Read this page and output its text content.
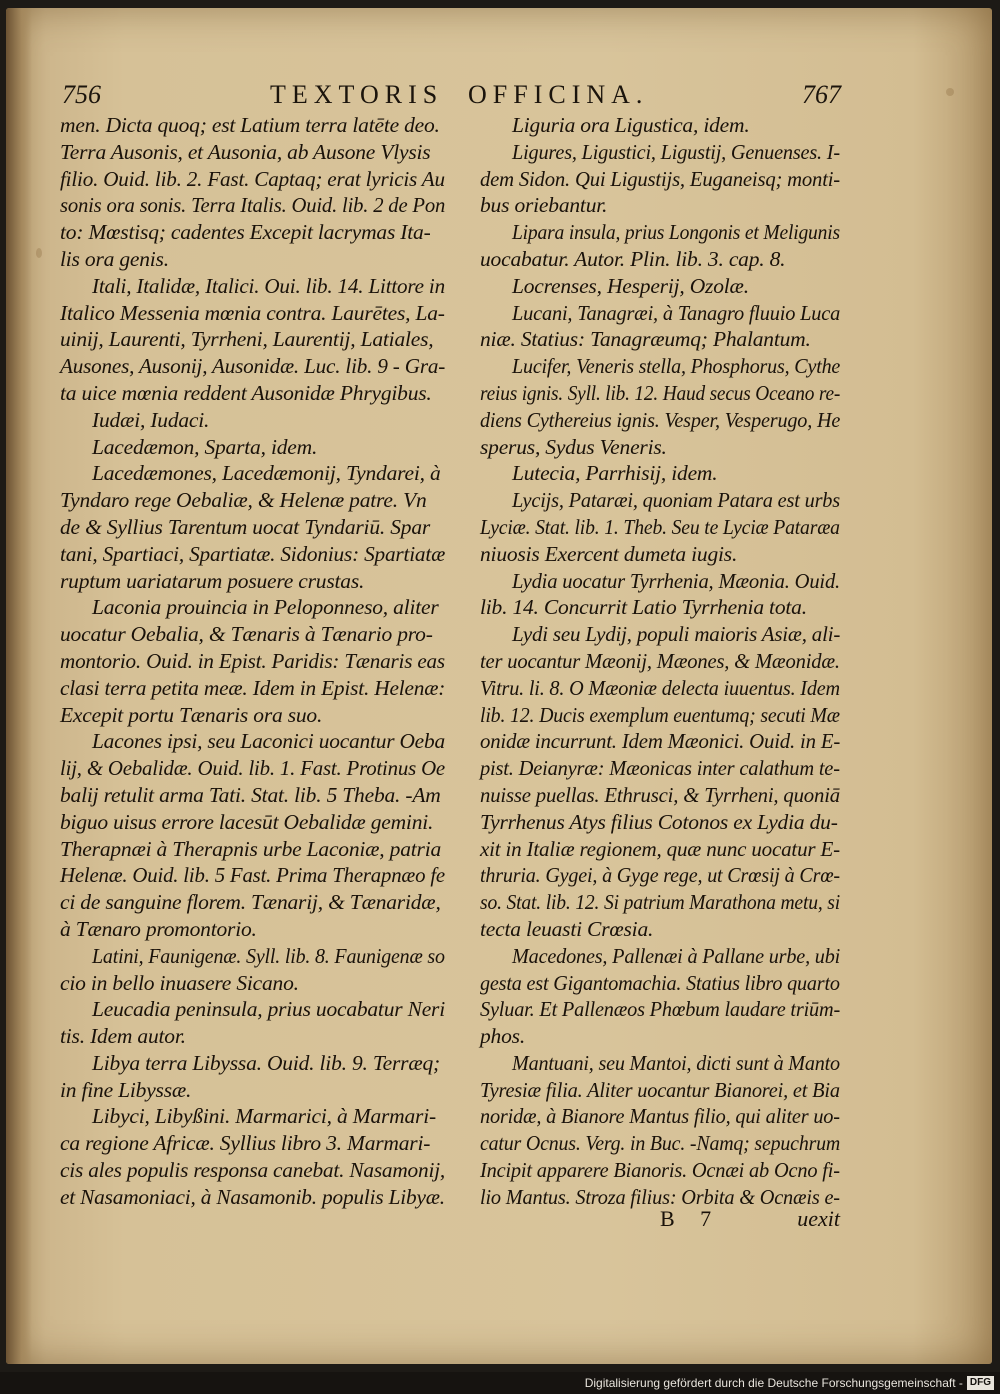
756	TEXTORIS OFFICINA.	767
men. Dicta quoq; est Latium terra latēte deo.
Terra Ausonis, et Ausonia, ab Ausone Vlysis
filio. Ouid. lib. 2. Fast. Captaq; erat lyricis Au
sonis ora sonis. Terra Italis. Ouid. lib. 2 de Pon
to: Mœstisq; cadentes Excepit lacrymas Ita-
lis ora genis.
Itali, Italidæ, Italici. Oui. lib. 14. Littore in
Italico Messenia mœnia contra. Laurētes, La-
uinij, Laurenti, Tyrrheni, Laurentij, Latiales,
Ausones, Ausonij, Ausonidæ. Luc. lib. 9 - Gra-
ta uice mœnia reddent Ausonidæ Phrygibus.
Iudæi, Iudaci.
Lacedæmon, Sparta, idem.
Lacedæmones, Lacedæmonij, Tyndarei, à
Tyndaro rege Oebaliæ, & Helenæ patre. Vn
de & Syllius Tarentum uocat Tyndariū. Spar
tani, Spartiaci, Spartiatæ. Sidonius: Spartiatæ
ruptum uariatarum posuere crustas.
Laconia prouincia in Peloponneso, aliter
uocatur Oebalia, & Tænaris à Tænario pro-
montorio. Ouid. in Epist. Paridis: Tænaris eas
clasi terra petita meæ. Idem in Epist. Helenæ:
Excepit portu Tænaris ora suo.
Lacones ipsi, seu Laconici uocantur Oeba
lij, & Oebalidæ. Ouid. lib. 1. Fast. Protinus Oe
balij retulit arma Tati. Stat. lib. 5 Theba. -Am
biguo uisus errore lacesūt Oebalidæ gemini.
Therapnæi à Therapnis urbe Laconiæ, patria
Helenæ. Ouid. lib. 5 Fast. Prima Therapnæo fe
ci de sanguine florem. Tænarij, & Tænaridæ,
à Tænaro promontorio.
Latini, Faunigenæ. Syll. lib. 8. Faunigenæ so
cio in bello inuasere Sicano.
Leucadia peninsula, prius uocabatur Neri
tis. Idem autor.
Libya terra Libyssa. Ouid. lib. 9. Terræq;
in fine Libyssæ.
Libyci, Libyßini. Marmarici, à Marmari-
ca regione Africæ. Syllius libro 3. Marmari-
cis ales populis responsa canebat. Nasamonij,
et Nasamoniaci, à Nasamonib. populis Libyæ.
Liguria ora Ligustica, idem.
Ligures, Ligustici, Ligustij, Genuenses. I-
dem Sidon. Qui Ligustijs, Euganeisq; monti-
bus oriebantur.
Lipara insula, prius Longonis et Meligunis
uocabatur. Autor. Plin. lib. 3. cap. 8.
Locrenses, Hesperij, Ozolæ.
Lucani, Tanagræi, à Tanagro fluuio Luca
niæ. Statius: Tanagræumq; Phalantum.
Lucifer, Veneris stella, Phosphorus, Cythe
reius ignis. Syll. lib. 12. Haud secus Oceano re-
diens Cythereius ignis. Vesper, Vesperugo, He
sperus, Sydus Veneris.
Lutecia, Parrhisij, idem.
Lycijs, Pataræi, quoniam Patara est urbs
Lyciæ. Stat. lib. 1. Theb. Seu te Lyciæ Pataræa
niuosis Exercent dumeta iugis.
Lydia uocatur Tyrrhenia, Mæonia. Ouid.
lib. 14. Concurrit Latio Tyrrhenia tota.
Lydi seu Lydij, populi maioris Asiæ, ali-
ter uocantur Mæonij, Mæones, & Mæonidæ.
Vitru. li. 8. O Mæoniæ delecta iuuentus. Idem
lib. 12. Ducis exemplum euentumq; secuti Mæ
onidæ incurrunt. Idem Mæonici. Ouid. in E-
pist. Deianyræ: Mæonicas inter calathum te-
nuisse puellas. Ethrusci, & Tyrrheni, quoniā
Tyrrhenus Atys filius Cotonos ex Lydia du-
xit in Italiæ regionem, quæ nunc uocatur E-
thruria. Gygei, à Gyge rege, ut Crœsij à Crœ-
so. Stat. lib. 12. Si patrium Marathona metu, si
tecta leuasti Crœsia.
Macedones, Pallenæi à Pallane urbe, ubi
gesta est Gigantomachia. Statius libro quarto
Syluar. Et Pallenæos Phœbum laudare triūm-
phos.
Mantuani, seu Mantoi, dicti sunt à Manto
Tyresiæ filia. Aliter uocantur Bianorei, et Bia
noridæ, à Bianore Mantus filio, qui aliter uo-
catur Ocnus. Verg. in Buc. -Namq; sepuchrum
Incipit apparere Bianoris. Ocnæi ab Ocno fi-
lio Mantus. Stroza filius: Orbita & Ocnæis e-
B 7	uexit
Digitalisierung gefördert durch die Deutsche Forschungsgemeinschaft - DFG
